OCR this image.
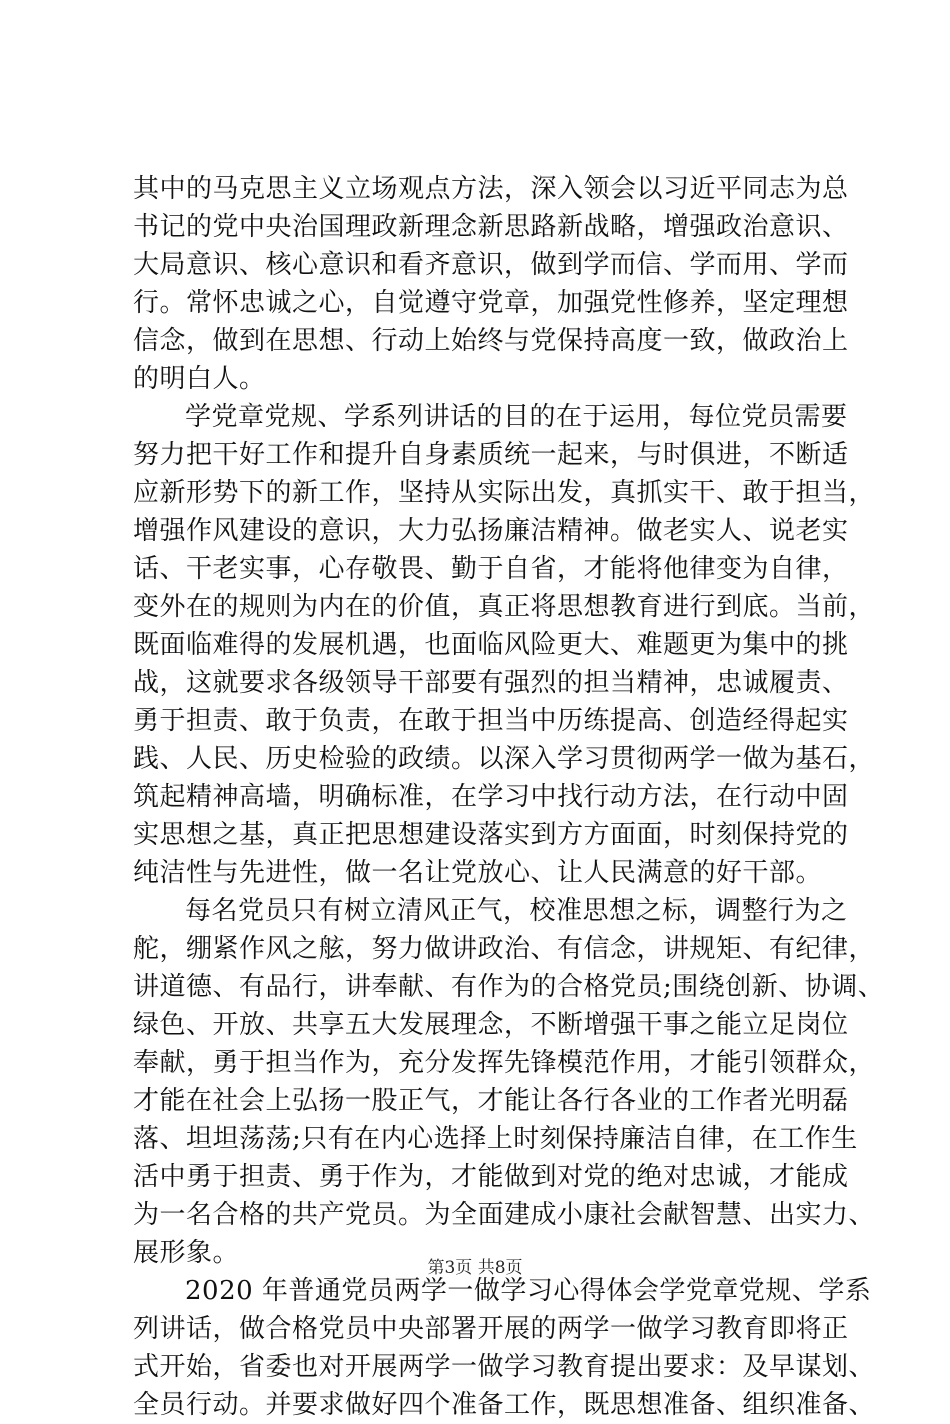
其中的马克思主义立场观点方法，深入领会以习近平同志为总
书记的党中央治国理政新理念新思路新战略，增强政治意识、
大局意识、核心意识和看齐意识，做到学而信、学而用、学而
行。常怀忠诚之心，自觉遵守党章，加强党性修养，坚定理想
信念，做到在思想、行动上始终与党保持高度一致，做政治上
的明白人。
学党章党规、学系列讲话的目的在于运用，每位党员需要
努力把干好工作和提升自身素质统一起来，与时俱进，不断适
应新形势下的新工作，坚持从实际出发，真抓实干、敢于担当，
增强作风建设的意识，大力弘扬廉洁精神。做老实人、说老实
话、干老实事，心存敬畏、勤于自省，才能将他律变为自律，
变外在的规则为内在的价值，真正将思想教育进行到底。当前，
既面临难得的发展机遇，也面临风险更大、难题更为集中的挑
战，这就要求各级领导干部要有强烈的担当精神，忠诚履责、
勇于担责、敢于负责，在敢于担当中历练提高、创造经得起实
践、人民、历史检验的政绩。以深入学习贯彻两学一做为基石，
筑起精神高墙，明确标准，在学习中找行动方法，在行动中固
实思想之基，真正把思想建设落实到方方面面，时刻保持党的
纯洁性与先进性，做一名让党放心、让人民满意的好干部。
每名党员只有树立清风正气，校准思想之标，调整行为之
舵，绷紧作风之舷，努力做讲政治、有信念，讲规矩、有纪律，
讲道德、有品行，讲奉献、有作为的合格党员;围绕创新、协调、
绿色、开放、共享五大发展理念，不断增强干事之能立足岗位
奉献，勇于担当作为，充分发挥先锋模范作用，才能引领群众，
才能在社会上弘扬一股正气，才能让各行各业的工作者光明磊
落、坦坦荡荡;只有在内心选择上时刻保持廉洁自律，在工作生
活中勇于担责、勇于作为，才能做到对党的绝对忠诚，才能成
为一名合格的共产党员。为全面建成小康社会献智慧、出实力、
展形象。
2020 年普通党员两学一做学习心得体会学党章党规、学系
列讲话，做合格党员中央部署开展的两学一做学习教育即将正
式开始，省委也对开展两学一做学习教育提出要求：及早谋划、
全员行动。并要求做好四个准备工作，既思想准备、组织准备、
第3页 共8页
